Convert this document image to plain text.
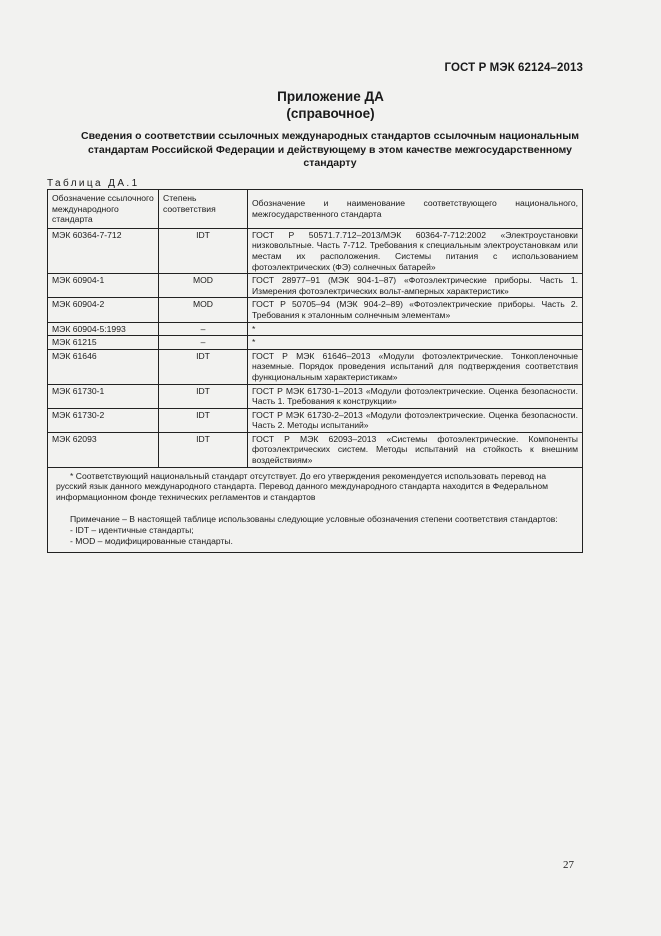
ГОСТ Р МЭК 62124–2013
Приложение ДА
(справочное)
Сведения о соответствии ссылочных международных стандартов ссылочным национальным стандартам Российской Федерации и действующему в этом качестве межгосударственному стандарту
Таблица ДА.1
Обозначение ссылочного международного стандарта	Степень соответствия	Обозначение и наименование соответствующего национального, межгосударственного стандарта
МЭК 60364-7-712	IDT	ГОСТ Р 50571.7.712–2013/МЭК 60364-7-712:2002 «Электроустановки низковольтные. Часть 7-712. Требования к специальным электроустановкам или местам их расположения. Системы питания с использованием фотоэлектрических (ФЭ) солнечных батарей»
МЭК 60904-1	MOD	ГОСТ 28977–91 (МЭК 904-1–87) «Фотоэлектрические приборы. Часть 1. Измерения фотоэлектрических вольт-амперных характеристик»
МЭК 60904-2	MOD	ГОСТ Р 50705–94 (МЭК 904-2–89) «Фотоэлектрические приборы. Часть 2. Требования к эталонным солнечным элементам»
МЭК 60904-5:1993	–	*
МЭК 61215	–	*
МЭК 61646	IDT	ГОСТ Р МЭК 61646–2013 «Модули фотоэлектрические. Тонкопленочные наземные. Порядок проведения испытаний для подтверждения соответствия функциональным характеристикам»
МЭК 61730-1	IDT	ГОСТ Р МЭК 61730-1–2013 «Модули фотоэлектрические. Оценка безопасности. Часть 1. Требования к конструкции»
МЭК 61730-2	IDT	ГОСТ Р МЭК 61730-2–2013 «Модули фотоэлектрические. Оценка безопасности. Часть 2. Методы испытаний»
МЭК 62093	IDT	ГОСТ Р МЭК 62093–2013 «Системы фотоэлектрические. Компоненты фотоэлектрических систем. Методы испытаний на стойкость к внешним воздействиям»

* Соответствующий национальный стандарт отсутствует. До его утверждения рекомендуется использовать перевод на русский язык данного международного стандарта. Перевод данного международного стандарта находится в Федеральном информационном фонде технических регламентов и стандартов

Примечание – В настоящей таблице использованы следующие условные обозначения степени соответствия стандартов:

- IDT – идентичные стандарты;

- MOD – модифицированные стандарты.		

27
